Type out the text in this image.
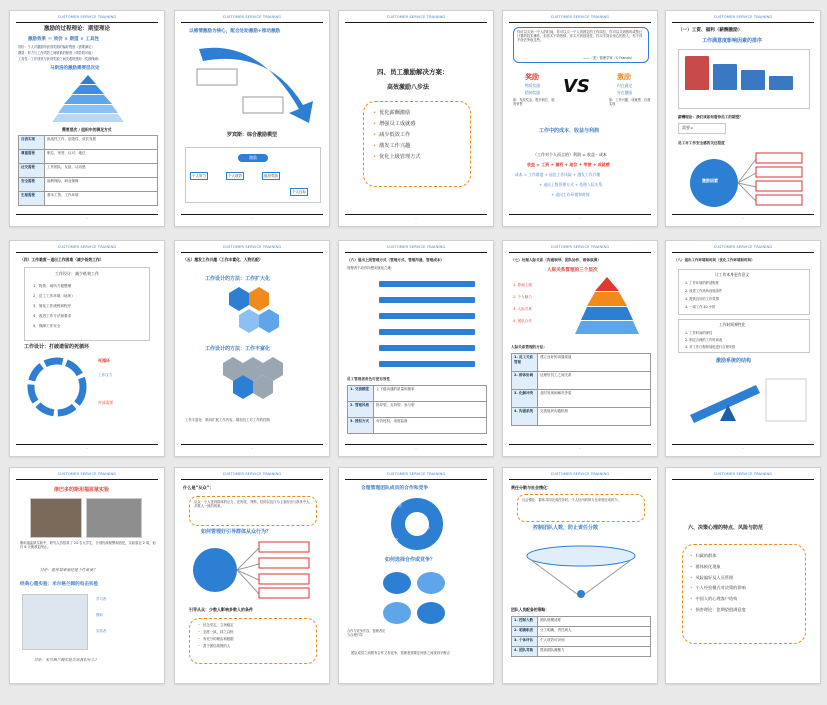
CUSTOMER SERVICE TRAINING
激励的过程理论：期望理论
激励效果 ＝ 效价 × 期望 × 工具性
效价：个人对激励所获得奖励的偏好程度（需要满足）
期望：努力与工作绩效之间联系的程度（绩效的可能）
工具性：工作绩效与获得奖励之间关系的感知（奖励保障）
马斯洛的激励需要层次论
需要层次 / 组织中的满足方式
自我实现	挑战性工作、创造性、成长发展
尊重需要	职位、荣誉、认可、地位
社交需要	工作团队、友谊、认同感
安全需要	福利保险、职业保障
生理需要	基本工资、工作环境
-
CUSTOMER SERVICE TRAINING
以感情激励为核心，配合处助激励+推动激励
罗宾斯：综合激励模型
激励
个人努力	个人绩效	组织奖励
个人目标
-
CUSTOMER SERVICE TRAINING
四、员工激励解决方案：
高效激励八步法
• 优化薪酬激励
• 增强员工成就感
• 减少低效工作
• 激发工作兴趣
• 优化上级管理方式
-
CUSTOMER SERVICE TRAINING
你可以买到一个人的时间，你可以买一个人到固定的工作岗位，你可以买到按时或按日计算的技术操作，但你买不到热情，你买不到创造性，你买不到全身心的投入，你不得不设法争取这些。
——（美）管理学家（C·Francis）
奖励
物质奖励
精神奖励
如：发放奖金、提升职位、颁发荣誉
VS	激励
内在满足
外在激励
如：工作兴趣、成就感、自我实现
工作中的成本、收益与利润
（工作对个人而言的）利润 = 收益 - 成本
收益 = 工资 + 福利 + 地位 + 荣誉 + 成就感
成本 = 工作难度 + 退出工作风险 + 激发工作兴趣
+ 退出上级管理方式 + 处理人际关系
+ 退出工作环境和时间
-
CUSTOMER SERVICE TRAINING
（一）工资、福利（薪酬激励）
工作满意度影响因素的排序
薪酬理论：我们该如何看待员工的期望？
需要=
员工对工作安全感的关注程度
激励因素
-
CUSTOMER SERVICE TRAINING
（四）工作难度－退出工作困难（减少低效工作）
工作设计：减少低效工作
1、物资、场所方便整理
2、员工工作环境（场所）
3、简化工作流程和程序
4、改进工作方法和要求
5、保障工作安全
工作设计：打破遗留的死循环
死循环
工作压力
外部需要
-
CUSTOMER SERVICE TRAINING
（五）激发工作兴趣（工作丰富化、人物匹配）
工作设计的方法：工作扩大化
工作设计的方法：工作丰富化
工作丰富化：纵向扩展工作内容，增加员工对工作的控制
-
CUSTOMER SERVICE TRAINING
（六）退出上级管理方式（管理方式、管理沟通、管理成本）
管理者不动你所想到优化之地：
员工管理者角色可使有效性
1. 交流精度	上下级沟通的质量和频率
2. 管理风格	指导型、支持型、参与型
3. 授权方式	有效授权、适度监督
-
CUSTOMER SERVICE TRAINING
（七）处理人际关系（沟通领导、团队协作、群体氛围）
人际关系管理的三个层次
1. 影响上级
2. 个人魅力
3. 人际关系
4. 团队合作
人际关系管理的方法：
1. 员工关系管理	建立良好的沟通渠道
2. 群体协调	处理好员工之间关系
3. 化解冲突	及时发现和解决矛盾
4. 沟通系统	完善组织沟通机制
-
CUSTOMER SERVICE TRAINING
（八）退出工作环境和时间（优化工作环境和时间）
让工作本身更有意义
1. 工作环境的舒适程度
2. 改善工作场所设施条件
3. 提供良好的工作氛围
4. 一周工作 40 小时
工作时间弹性化
1. 工作时间的弹性
2. 制定合理的工作时间表
3. 对工作日程和加班进行合理安排
激励系统的结构
-
CUSTOMER SERVICE TRAINING
津巴多的斯坦福监狱实验
斯坦福监狱实验中，研究人员招募了 24 名大学生，分别扮演狱警和囚犯，实验原定 2 周，但仅 6 天就被迫终止。
讨论：是环境重要还是个性重要？
经典心理实验：米尔格兰姆的电击实验
学习者
教师
实验者
讨论：米尔格兰姆实验告诉我们什么？
CUSTOMER SERVICE TRAINING
什么是“从众”：
从众：个人受到群体的压力，在知觉、判断、信仰以及行为上表现出与群体中大多数人一致的现象。
如何管理好引导群体从众行为？
引导从众：少数人影响多数人的条件
• 信念坚定，立场稳定
• 态度一致，持之以恒
• 有充分的理由和根据
• 善于团结周围的人
CUSTOMER SERVICE TRAINING
合理管理团队成员的合作和竞争
合作
竞争
冲突
如何选择合作或竞争？
合作与竞争并存，管理者应当合理引导
团队成员之间既有合作又有竞争，管理者需要在两者之间找到平衡点
CUSTOMER SERVICE TRAINING
责任分散与社会惰化：
社会惰化：群体共同完成任务时，个人付出的努力比单独完成时少。
控制团队人数，防止责任分散
团队人员配备的策略：
1. 控制人数	团队规模适度
2. 明确职责	分工明确，责任到人
3. 个体评估	个人绩效可识别
4. 团队考核	提高团队凝聚力
CUSTOMER SERVICE TRAINING
六、决策心理的特点、风险与防范
• 归属的群体
• 群体极化现象
• 风险偏好及人员管理
• 个人经验模式对决策的影响
• 中国人的心理客户结构
• 损害理论：您期望值满意度
